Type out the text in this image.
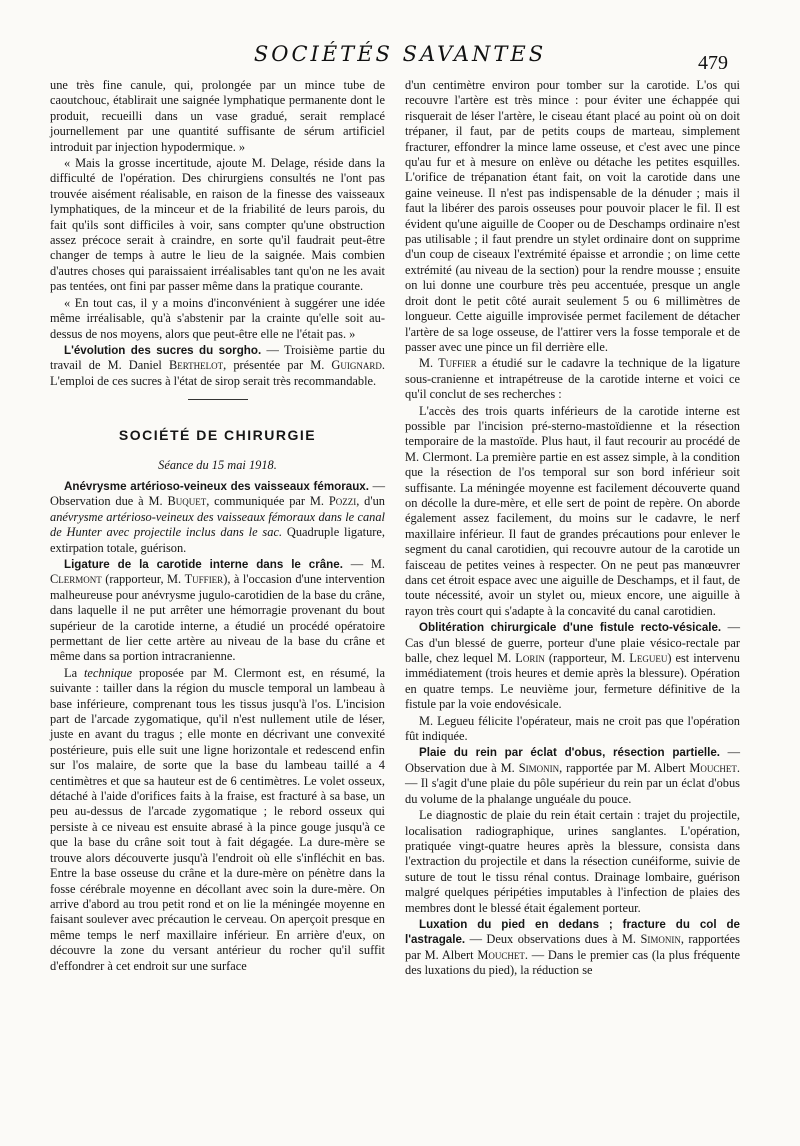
SOCIÉTÉS SAVANTES	479

une très fine canule, qui, prolongée par un mince tube de caoutchouc, établirait une saignée lymphatique permanente dont le produit, recueilli dans un vase gradué, serait remplacé journellement par une quantité suffisante de sérum artificiel introduit par injection hypodermique. »

« Mais la grosse incertitude, ajoute M. Delage, réside dans la difficulté de l'opération. Des chirurgiens consultés ne l'ont pas trouvée aisément réalisable, en raison de la finesse des vaisseaux lymphatiques, de la minceur et de la friabilité de leurs parois, du fait qu'ils sont difficiles à voir, sans compter qu'une obstruction assez précoce serait à craindre, en sorte qu'il faudrait peut-être changer de temps à autre le lieu de la saignée. Mais combien d'autres choses qui paraissaient irréalisables tant qu'on ne les avait pas tentées, ont fini par passer même dans la pratique courante.

« En tout cas, il y a moins d'inconvénient à suggérer une idée même irréalisable, qu'à s'abstenir par la crainte qu'elle soit au-dessus de nos moyens, alors que peut-être elle ne l'était pas. »

L'évolution des sucres du sorgho. — Troisième partie du travail de M. Daniel Berthelot, présentée par M. Guignard. L'emploi de ces sucres à l'état de sirop serait très recommandable.

SOCIÉTÉ DE CHIRURGIE
Séance du 15 mai 1918.

Anévrysme artérioso-veineux des vaisseaux fémoraux. — Observation due à M. Buquet, communiquée par M. Pozzi, d'un anévrysme artérioso-veineux des vaisseaux fémoraux dans le canal de Hunter avec projectile inclus dans le sac. Quadruple ligature, extirpation totale, guérison.

Ligature de la carotide interne dans le crâne. — M. Clermont (rapporteur, M. Tuffier), à l'occasion d'une intervention malheureuse pour anévrysme jugulo-carotidien de la base du crâne, dans laquelle il ne put arrêter une hémorragie provenant du bout supérieur de la carotide interne, a étudié un procédé opératoire permettant de lier cette artère au niveau de la base du crâne et même dans sa portion intracranienne.

La technique proposée par M. Clermont est, en résumé, la suivante : tailler dans la région du muscle temporal un lambeau à base inférieure, comprenant tous les tissus jusqu'à l'os. L'incision part de l'arcade zygomatique, qu'il n'est nullement utile de léser, juste en avant du tragus ; elle monte en décrivant une convexité postérieure, puis elle suit une ligne horizontale et redescend enfin sur l'os malaire, de sorte que la base du lambeau taillé a 4 centimètres et que sa hauteur est de 6 centimètres. Le volet osseux, détaché à l'aide d'orifices faits à la fraise, est fracturé à sa base, un peu au-dessus de l'arcade zygomatique ; le rebord osseux qui persiste à ce niveau est ensuite abrasé à la pince gouge jusqu'à ce que la base du crâne soit tout à fait dégagée. La dure-mère se trouve alors découverte jusqu'à l'endroit où elle s'infléchit en bas. Entre la base osseuse du crâne et la dure-mère on pénètre dans la fosse cérébrale moyenne en décollant avec soin la dure-mère. On arrive d'abord au trou petit rond et on lie la méningée moyenne en faisant soulever avec précaution le cerveau. On aperçoit presque en même temps le nerf maxillaire inférieur. En arrière d'eux, on découvre la zone du versant antérieur du rocher qu'il suffit d'effondrer à cet endroit sur une surface

d'un centimètre environ pour tomber sur la carotide. L'os qui recouvre l'artère est très mince : pour éviter une échappée qui risquerait de léser l'artère, le ciseau étant placé au point où on doit trépaner, il faut, par de petits coups de marteau, simplement fracturer, effondrer la mince lame osseuse, et c'est avec une pince qu'au fur et à mesure on enlève ou détache les petites esquilles. L'orifice de trépanation étant fait, on voit la carotide dans une gaine veineuse. Il n'est pas indispensable de la dénuder ; mais il faut la libérer des parois osseuses pour pouvoir placer le fil. Il est évident qu'une aiguille de Cooper ou de Deschamps ordinaire n'est pas utilisable ; il faut prendre un stylet ordinaire dont on supprime d'un coup de ciseaux l'extrémité épaisse et arrondie ; on lime cette extrémité (au niveau de la section) pour la rendre mousse ; ensuite on lui donne une courbure très peu accentuée, presque un angle droit dont le petit côté aurait seulement 5 ou 6 millimètres de longueur. Cette aiguille improvisée permet facilement de détacher l'artère de sa loge osseuse, de l'attirer vers la fosse temporale et de passer avec une pince un fil derrière elle.

M. Tuffier a étudié sur le cadavre la technique de la ligature sous-cranienne et intrapétreuse de la carotide interne et voici ce qu'il conclut de ses recherches :

L'accès des trois quarts inférieurs de la carotide interne est possible par l'incision pré-sterno-mastoïdienne et la résection temporaire de la mastoïde. Plus haut, il faut recourir au procédé de M. Clermont. La première partie en est assez simple, à la condition que la résection de l'os temporal sur son bord inférieur soit suffisante. La méningée moyenne est facilement découverte quand on décolle la dure-mère, et elle sert de point de repère. On aborde également assez facilement, du moins sur le cadavre, le nerf maxillaire inférieur. Il faut de grandes précautions pour enlever le segment du canal carotidien, qui recouvre autour de la carotide un faisceau de petites veines à respecter. On ne peut pas manœuvrer dans cet étroit espace avec une aiguille de Deschamps, et il faut, de toute nécessité, avoir un stylet ou, mieux encore, une aiguille à rayon très court qui s'adapte à la concavité du canal carotidien.

Oblitération chirurgicale d'une fistule recto-vésicale. — Cas d'un blessé de guerre, porteur d'une plaie vésico-rectale par balle, chez lequel M. Lorin (rapporteur, M. Legueu) est intervenu immédiatement (trois heures et demie après la blessure). Opération en quatre temps. Le neuvième jour, fermeture définitive de la fistule par la voie endovésicale.

M. Legueu félicite l'opérateur, mais ne croit pas que l'opération fût indiquée.

Plaie du rein par éclat d'obus, résection partielle. — Observation due à M. Simonin, rapportée par M. Albert Mouchet. — Il s'agit d'une plaie du pôle supérieur du rein par un éclat d'obus du volume de la phalange unguéale du pouce.

Le diagnostic de plaie du rein était certain : trajet du projectile, localisation radiographique, urines sanglantes. L'opération, pratiquée vingt-quatre heures après la blessure, consista dans l'extraction du projectile et dans la résection cunéiforme, suivie de suture de tout le tissu rénal contus. Drainage lombaire, guérison malgré quelques péripéties imputables à l'infection de plaies des membres dont le blessé était également porteur.

Luxation du pied en dedans ; fracture du col de l'astragale. — Deux observations dues à M. Simonin, rapportées par M. Albert Mouchet. — Dans le premier cas (la plus fréquente des luxations du pied), la réduction se
